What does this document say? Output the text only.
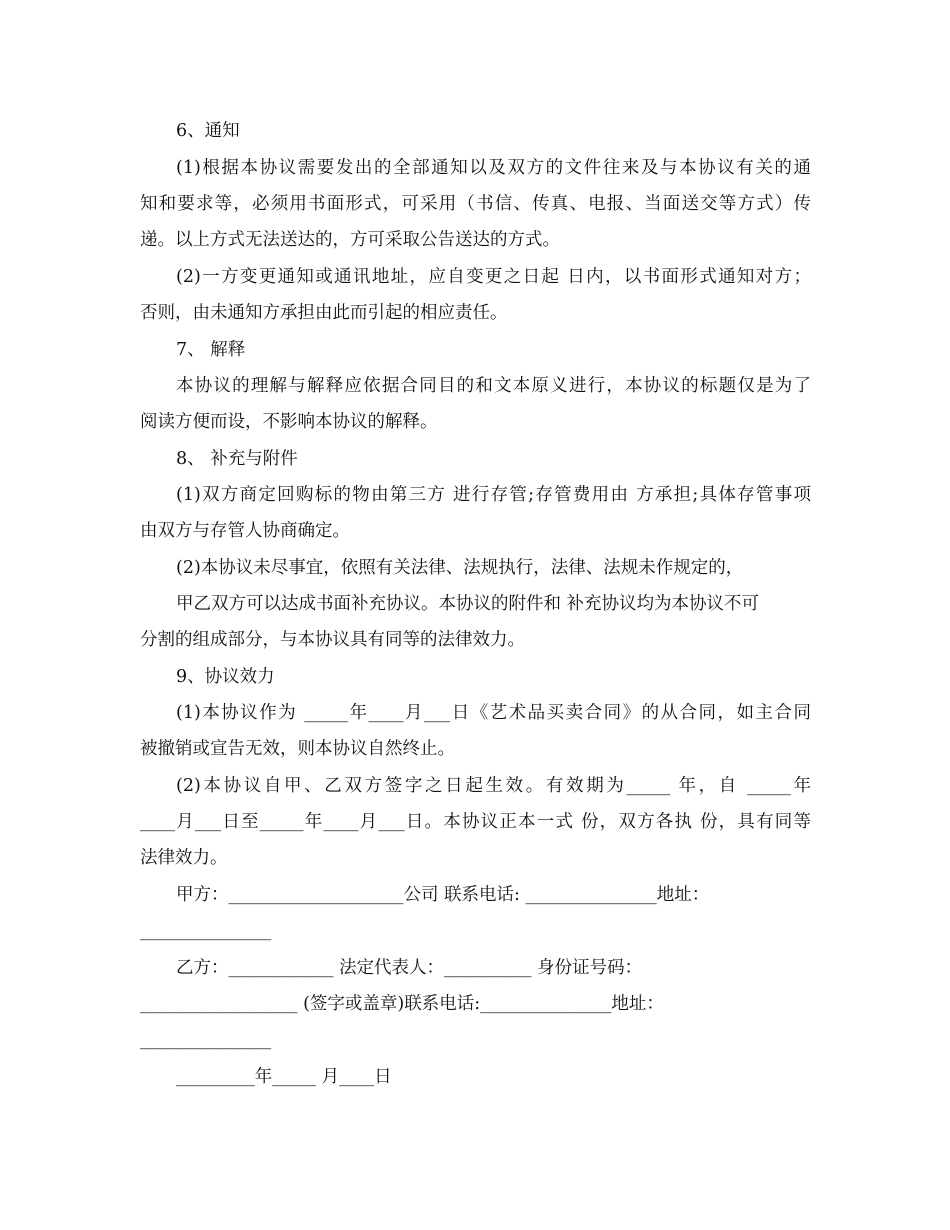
6、通知

(1)根据本协议需要发出的全部通知以及双方的文件往来及与本协议有关的通

知和要求等，必须用书面形式，可采用（书信、传真、电报、当面送交等方式）传

递。以上方式无法送达的，方可采取公告送达的方式。

(2)一方变更通知或通讯地址，应自变更之日起 日内，以书面形式通知对方；

否则，由未通知方承担由此而引起的相应责任。

7、 解释

本协议的理解与解释应依据合同目的和文本原义进行，本协议的标题仅是为了

阅读方便而设，不影响本协议的解释。

8、 补充与附件

(1)双方商定回购标的物由第三方 进行存管;存管费用由 方承担;具体存管事项

由双方与存管人协商确定。

(2)本协议未尽事宜，依照有关法律、法规执行，法律、法规未作规定的，

甲乙双方可以达成书面补充协议。本协议的附件和 补充协议均为本协议不可

分割的组成部分，与本协议具有同等的法律效力。

9、协议效力

(1)本协议作为 _____年____月___日《艺术品买卖合同》的从合同，如主合同

被撤销或宣告无效，则本协议自然终止。

(2)本协议自甲、乙双方签字之日起生效。有效期为_____ 年，自 _____年

____月___日至_____年____月___日。本协议正本一式 份，双方各执 份，具有同等

法律效力。

甲方：____________________公司 联系电话: _______________地址：

_______________

乙方：____________ 法定代表人：__________ 身份证号码：

__________________ (签字或盖章)联系电话:_______________地址：

_______________

_________年_____ 月____日
